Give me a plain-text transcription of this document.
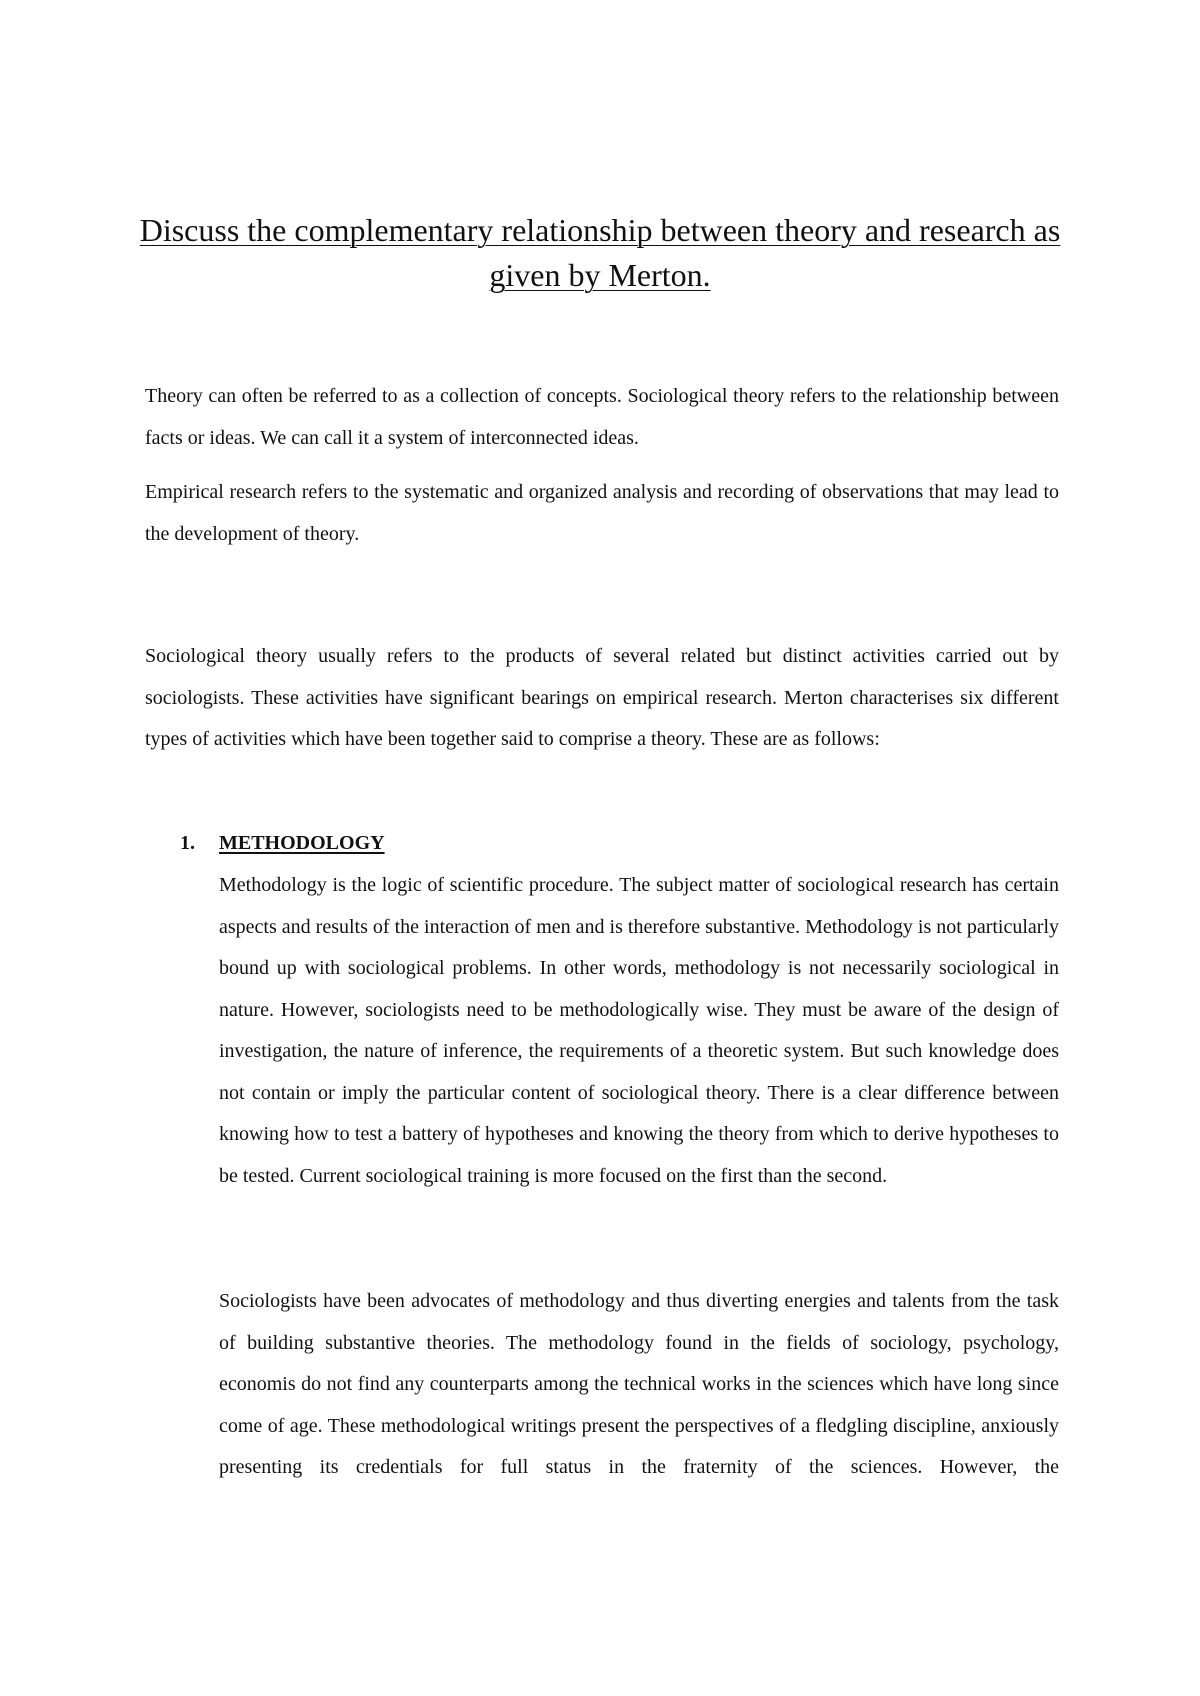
Discuss the complementary relationship between theory and research as given by Merton.

Theory can often be referred to as a collection of concepts. Sociological theory refers to the relationship between facts or ideas. We can call it a system of interconnected ideas.

Empirical research refers to the systematic and organized analysis and recording of observations that may lead to the development of theory.

Sociological theory usually refers to the products of several related but distinct activities carried out by sociologists. These activities have significant bearings on empirical research. Merton characterises six different types of activities which have been together said to comprise a theory. These are as follows:

1. METHODOLOGY

Methodology is the logic of scientific procedure. The subject matter of sociological research has certain aspects and results of the interaction of men and is therefore substantive. Methodology is not particularly bound up with sociological problems. In other words, methodology is not necessarily sociological in nature. However, sociologists need to be methodologically wise. They must be aware of the design of investigation, the nature of inference, the requirements of a theoretic system. But such knowledge does not contain or imply the particular content of sociological theory. There is a clear difference between knowing how to test a battery of hypotheses and knowing the theory from which to derive hypotheses to be tested. Current sociological training is more focused on the first than the second.

Sociologists have been advocates of methodology and thus diverting energies and talents from the task of building substantive theories. The methodology found in the fields of sociology, psychology, economis do not find any counterparts among the technical works in the sciences which have long since come of age. These methodological writings present the perspectives of a fledgling discipline, anxiously presenting its credentials for full status in the fraternity of the sciences. However, the
